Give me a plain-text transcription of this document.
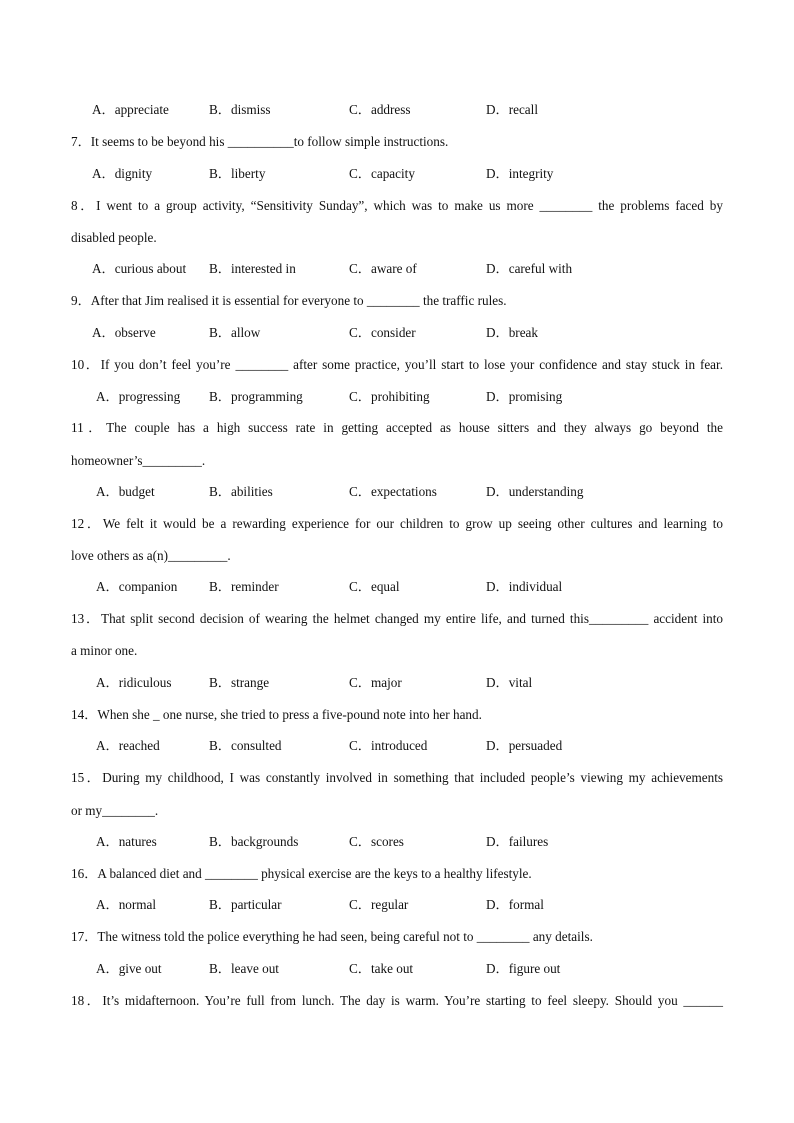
A．appreciate	B．dismiss	C．address	D．recall
7．It seems to be beyond his __________to follow simple instructions.
A．dignity	B．liberty	C．capacity	D．integrity
8．I went to a group activity, “Sensitivity Sunday”, which was to make us more ________ the problems faced by
disabled people.
A．curious about B．interested in	C．aware of	D．careful with
9．After that Jim realised it is essential for everyone to ________ the traffic rules.
A．observe	B．allow	C．consider	D．break
10．If you don’t feel you’re ________ after some practice, you’ll start to lose your confidence and stay stuck in fear.
A．progressing B．programming	C．prohibiting	D．promising
11．The couple has a high success rate in getting accepted as house sitters and they always go beyond the
homeowner’s_________.
A．budget	B．abilities	C．expectations	D．understanding
12．We felt it would be a rewarding experience for our children to grow up seeing other cultures and learning to
love others as a(n)_________.
A．companion B．reminder	C．equal	D．individual
13．That split second decision of wearing the helmet changed my entire life, and turned this_________ accident into
a minor one.
A．ridiculous	B．strange	C．major	D．vital
14．When she _ one nurse, she tried to press a five-pound note into her hand.
A．reached	B．consulted	C．introduced	D．persuaded
15．During my childhood, I was constantly involved in something that included people’s viewing my achievements
or my________.
A．natures	B．backgrounds	C．scores	D．failures
16．A balanced diet and ________ physical exercise are the keys to a healthy lifestyle.
A．normal	B．particular	C．regular	D．formal
17．The witness told the police everything he had seen, being careful not to ________ any details.
A．give out	B．leave out	C．take out	D．figure out
18．It’s midafternoon. You’re full from lunch. The day is warm. You’re starting to feel sleepy. Should you ______
